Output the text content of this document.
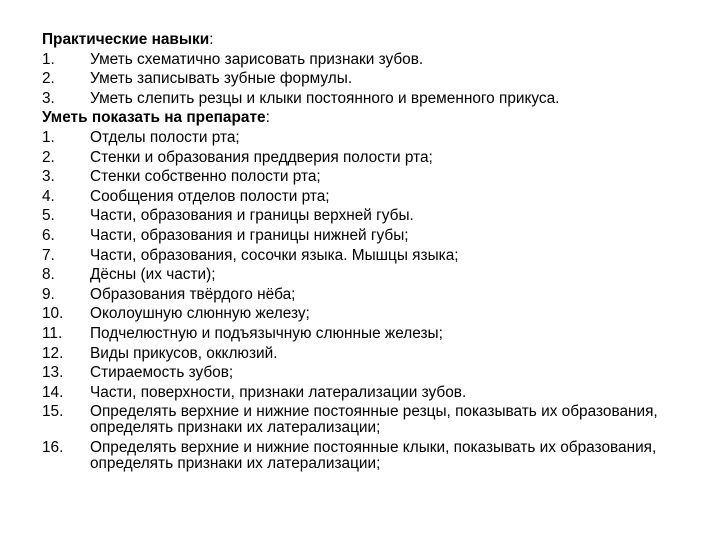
Практические навыки:
1.	Уметь схематично зарисовать признаки зубов.
2.	Уметь записывать зубные формулы.
3.	Уметь слепить резцы и клыки постоянного и временного прикуса.
Уметь показать на препарате:
1.	Отделы полости рта;
2.	Стенки и образования преддверия полости рта;
3.	Стенки собственно полости рта;
4.	Сообщения отделов полости рта;
5.	Части, образования и границы верхней губы.
6.	Части, образования и границы нижней губы;
7.	Части, образования, сосочки языка. Мышцы языка;
8.	Дёсны (их части);
9.	Образования твёрдого нёба;
10.	Околоушную слюнную железу;
11.	Подчелюстную и подъязычную слюнные железы;
12.	Виды прикусов, окклюзий.
13.	Стираемость зубов;
14.	Части, поверхности, признаки латерализации зубов.
15.	Определять верхние и нижние постоянные резцы, показывать их образования, определять признаки их латерализации;
16.	Определять верхние и нижние постоянные клыки, показывать их образования, определять признаки их латерализации;
